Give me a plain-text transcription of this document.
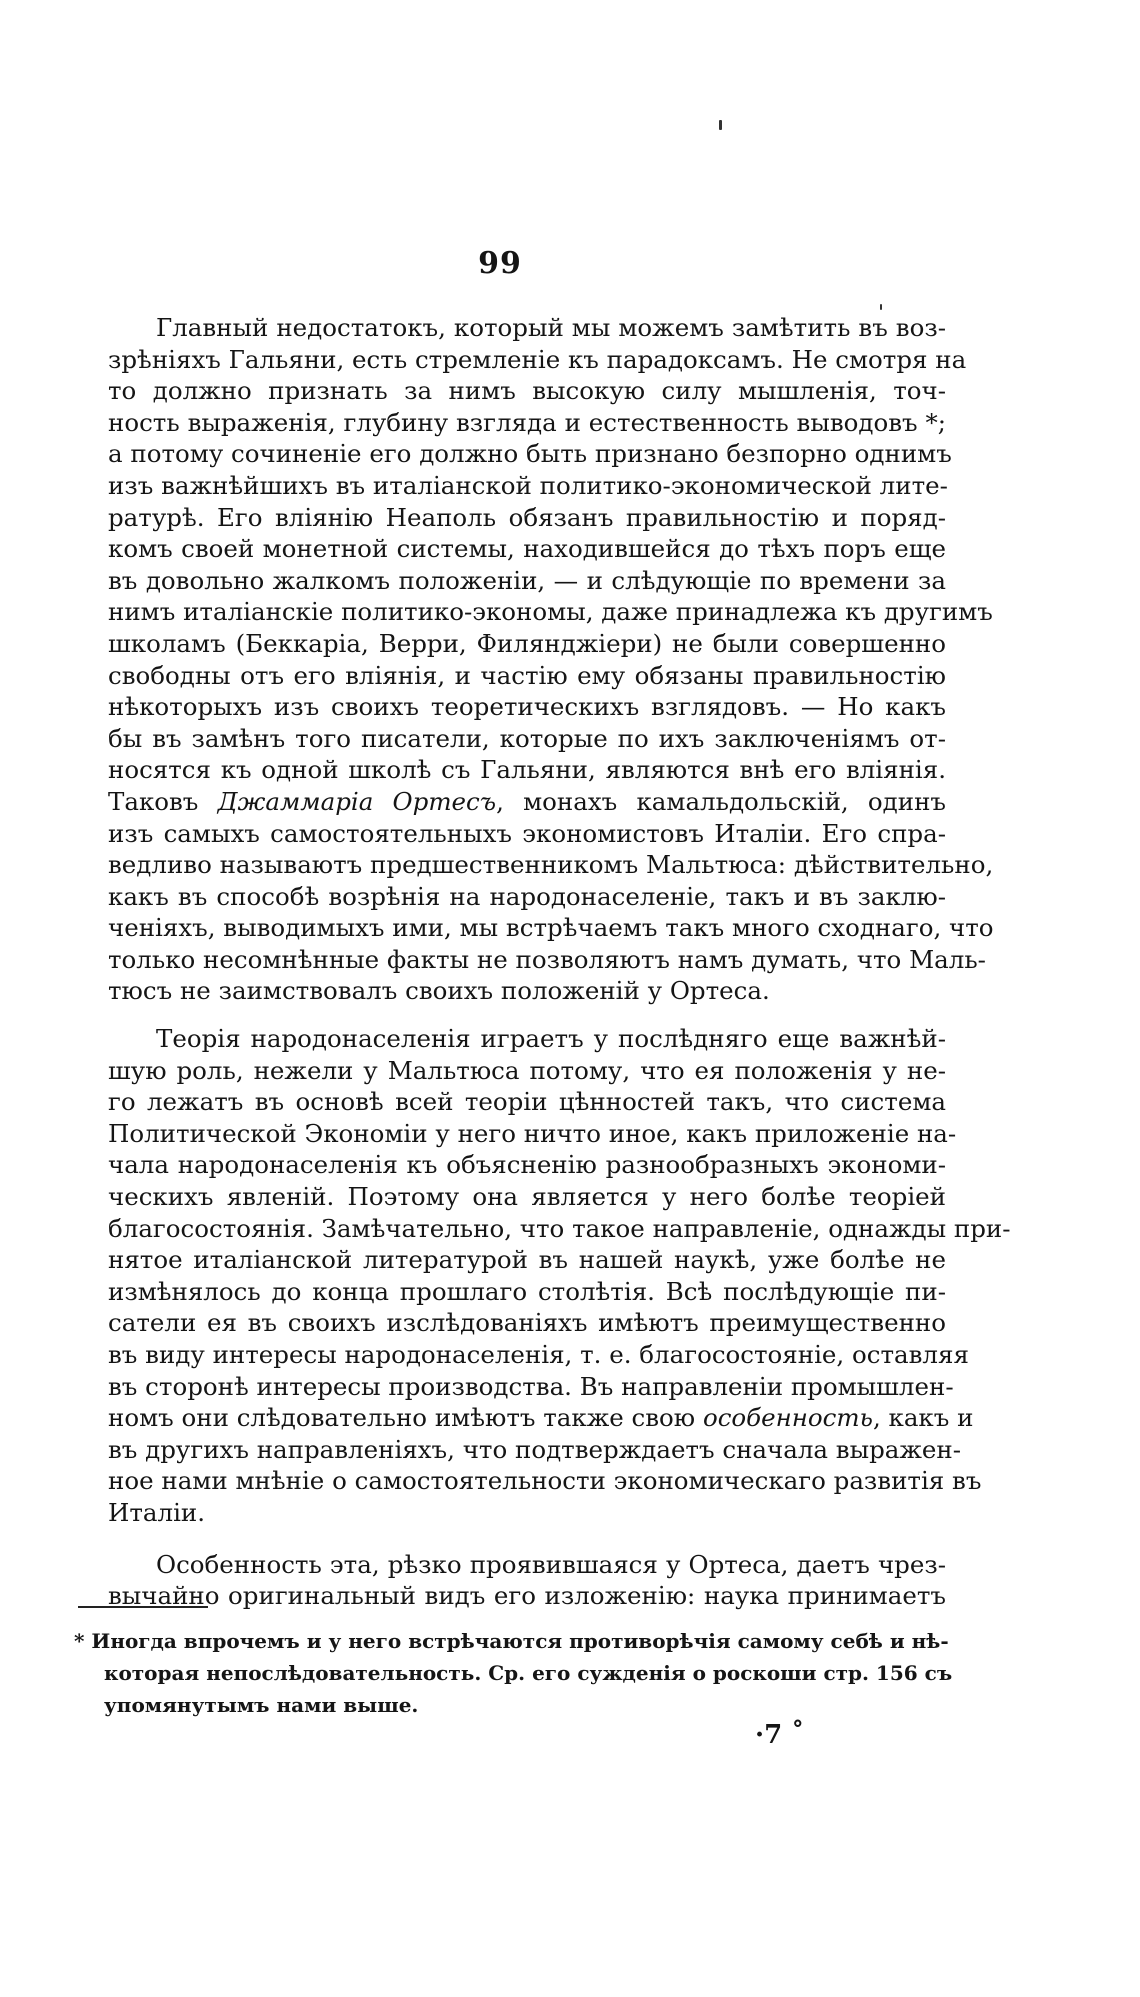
99
Главный недостатокъ, который мы можемъ замѣтить въ воз-
зрѣніяхъ Гальяни, есть стремленіе къ парадоксамъ. Не смотря на
то должно признать за нимъ высокую силу мышленія, точ-
ность выраженія, глубину взгляда и естественность выводовъ *;
а потому сочиненіе его должно быть признано безпорно однимъ
изъ важнѣйшихъ въ италіанской политико-экономической лите-
ратурѣ. Его вліянію Неаполь обязанъ правильностію и поряд-
комъ своей монетной системы, находившейся до тѣхъ поръ еще
въ довольно жалкомъ положеніи, — и слѣдующіе по времени за
нимъ италіанскіе политико-экономы, даже принадлежа къ другимъ
школамъ (Беккаріа, Верри, Филянджіери) не были совершенно
свободны отъ его вліянія, и частію ему обязаны правильностію
нѣкоторыхъ изъ своихъ теоретическихъ взглядовъ. — Но какъ
бы въ замѣнъ того писатели, которые по ихъ заключеніямъ от-
носятся къ одной школѣ съ Гальяни, являются внѣ его вліянія.
Таковъ Джаммаріа Ортесъ, монахъ камальдольскій, одинъ
изъ самыхъ самостоятельныхъ экономистовъ Италіи. Его спра-
ведливо называютъ предшественникомъ Мальтюса: дѣйствительно,
какъ въ способѣ возрѣнія на народонаселеніе, такъ и въ заклю-
ченіяхъ, выводимыхъ ими, мы встрѣчаемъ такъ много сходнаго, что
только несомнѣнные факты не позволяютъ намъ думать, что Маль-
тюсъ не заимствовалъ своихъ положеній у Ортеса.
Теорія народонаселенія играетъ у послѣдняго еще важнѣй-
шую роль, нежели у Мальтюса потому, что ея положенія у не-
го лежатъ въ основѣ всей теоріи цѣнностей такъ, что система
Политической Экономіи у него ничто иное, какъ приложеніе на-
чала народонаселенія къ объясненію разнообразныхъ экономи-
ческихъ явленій. Поэтому она является у него болѣе теоріей
благосостоянія. Замѣчательно, что такое направленіе, однажды при-
нятое италіанской литературой въ нашей наукѣ, уже болѣе не
измѣнялось до конца прошлаго столѣтія. Всѣ послѣдующіе пи-
сатели ея въ своихъ изслѣдованіяхъ имѣютъ преимущественно
въ виду интересы народонаселенія, т. е. благосостояніе, оставляя
въ сторонѣ интересы производства. Въ направленіи промышлен-
номъ они слѣдовательно имѣютъ также свою особенность, какъ и
въ другихъ направленіяхъ, что подтверждаетъ сначала выражен-
ное нами мнѣніе о самостоятельности экономическаго развитія въ
Италіи.
Особенность эта, рѣзко проявившаяся у Ортеса, даетъ чрез-
вычайно оригинальный видъ его изложенію: наука принимаетъ
* Иногда впрочемъ и у него встрѣчаются противорѣчія самому себѣ и нѣ-
которая непослѣдовательность. Ср. его сужденія о роскоши стр. 156 съ
упомянутымъ нами выше.
·7 ˚
